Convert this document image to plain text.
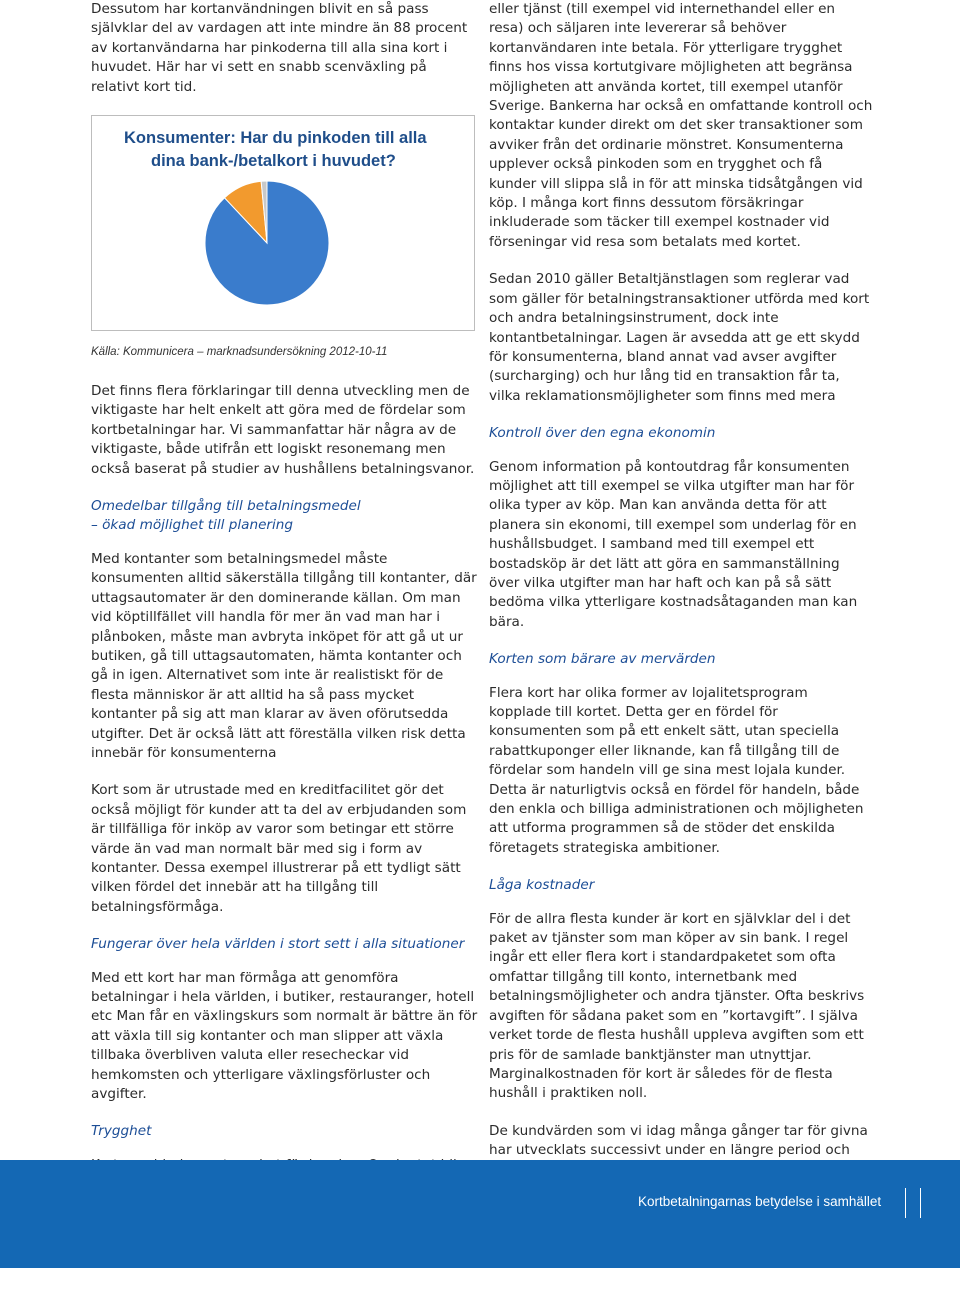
Dessutom har kortanvändningen blivit en så pass självklar del av vardagen att inte mindre än 88 procent av kortanvändarna har pinkoderna till alla sina kort i huvudet. Här har vi sett en snabb scenväxling på relativt kort tid.

Konsumenter: Har du pinkoden till alla
dina bank-/betalkort i huvudet?
Källa: Kommunicera – marknadsundersökning 2012-10-11

Det finns flera förklaringar till denna utveckling men de viktigaste har helt enkelt att göra med de fördelar som kortbetalningar har. Vi sammanfattar här några av de viktigaste, både utifrån ett logiskt resonemang men också baserat på studier av hushållens betalningsvanor.

Omedelbar tillgång till betalningsmedel
– ökad möjlighet till planering

Med kontanter som betalningsmedel måste konsumenten alltid säkerställa tillgång till kontanter, där uttagsautomater är den dominerande källan. Om man vid köptillfället vill handla för mer än vad man har i plånboken, måste man avbryta inköpet för att gå ut ur butiken, gå till uttagsautomaten, hämta kontanter och gå in igen. Alternativet som inte är realistiskt för de flesta människor är att alltid ha så pass mycket kontanter på sig att man klarar av även oförutsedda utgifter. Det är också lätt att föreställa vilken risk detta innebär för konsumenterna

Kort som är utrustade med en kreditfacilitet gör det också möjligt för kunder att ta del av erbjudanden som är tillfälliga för inköp av varor som betingar ett större värde än vad man normalt bär med sig i form av kontanter. Dessa exempel illustrerar på ett tydligt sätt vilken fördel det innebär att ha tillgång till betalningsförmåga.

Fungerar över hela världen i stort sett i alla situationer

Med ett kort har man förmåga att genomföra betalningar i hela världen, i butiker, restauranger, hotell etc Man får en växlingskurs som normalt är bättre än för att växla till sig kontanter och man slipper att växla tillbaka överbliven valuta eller resecheckar vid hemkomsten och ytterligare växlingsförluster och avgifter.

Trygghet

eller tjänst (till exempel vid internethandel eller en resa) och säljaren inte levererar så behöver kortanvändaren inte betala. För ytterligare trygghet finns hos vissa kortutgivare möjligheten att begränsa möjligheten att använda kortet, till exempel utanför Sverige. Bankerna har också en omfattande kontroll och kontaktar kunder direkt om det sker transaktioner som avviker från det ordinarie mönstret. Konsumenterna upplever också pinkoden som en trygghet och få kunder vill slippa slå in för att minska tidsåtgången vid köp. I många kort finns dessutom försäkringar inkluderade som täcker till exempel kostnader vid förseningar vid resa som betalats med kortet.

Sedan 2010 gäller Betaltjänstlagen som reglerar vad som gäller för betalningstransaktioner utförda med kort och andra betalningsinstrument, dock inte kontantbetalningar. Lagen är avsedda att ge ett skydd för konsumenterna, bland annat vad avser avgifter (surcharging) och hur lång tid en transaktion får ta, vilka reklamationsmöjligheter som finns med mera

Kontroll över den egna ekonomin

Genom information på kontoutdrag får konsumenten möjlighet att till exempel se vilka utgifter man har för olika typer av köp. Man kan använda detta för att planera sin ekonomi, till exempel som underlag för en hushållsbudget. I samband med till exempel ett bostadsköp är det lätt att göra en sammanställning över vilka utgifter man har haft och kan på så sätt bedöma vilka ytterligare kostnadsåtaganden man kan bära.

Korten som bärare av mervärden

Flera kort har olika former av lojalitetsprogram kopplade till kortet. Detta ger en fördel för konsumenten som på ett enkelt sätt, utan speciella rabattkuponger eller liknande, kan få tillgång till de fördelar som handeln vill ge sina mest lojala kunder. Detta är naturligtvis också en fördel för handeln, både den enkla och billiga administrationen och möjligheten att utforma programmen så de stöder det enskilda företagets strategiska ambitioner.

Låga kostnader

För de allra flesta kunder är kort en självklar del i det paket av tjänster som man köper av sin bank. I regel ingår ett eller flera kort i standardpaketet som ofta omfattar tillgång till konto, internetbank med betalningsmöjligheter och andra tjänster. Ofta beskrivs avgiften för sådana paket som en ”kortavgift”. I själva verket torde de flesta hushåll uppleva avgiften som ett pris för de samlade banktjänster man utnyttjar. Marginalkostnaden för kort är således för de flesta hushåll i praktiken noll.

De kundvärden som vi idag många gånger tar för givna har utvecklats successivt under en längre period och

Kortbetalningarnas betydelse i samhället
